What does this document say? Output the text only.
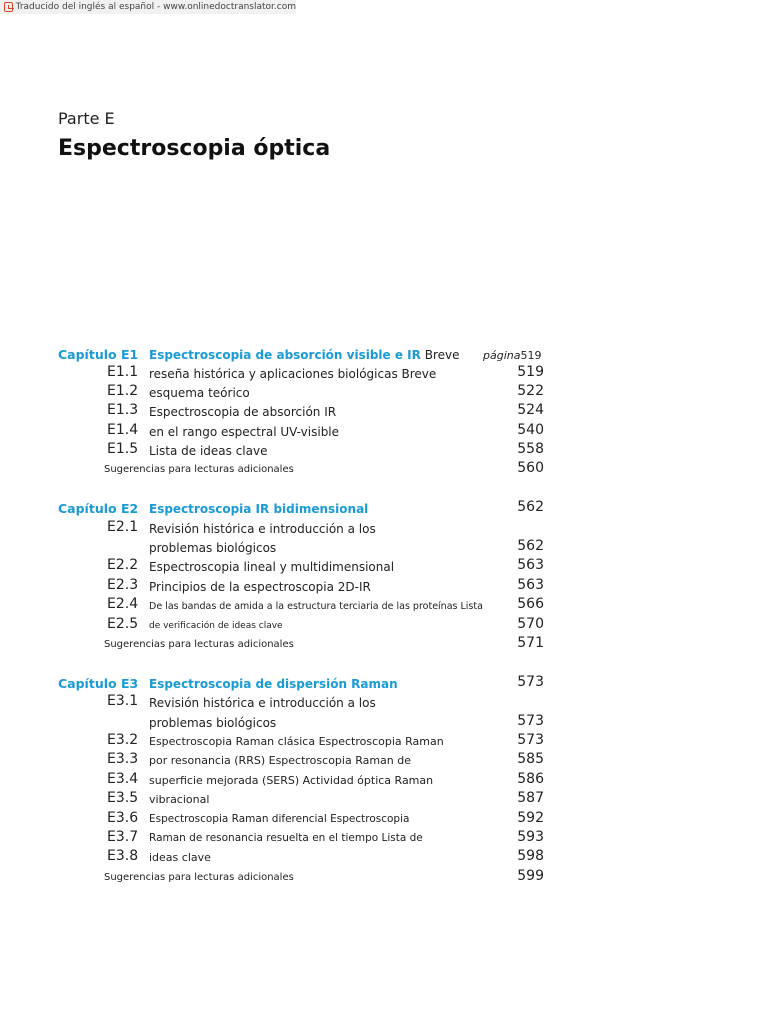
Traducido del inglés al español - www.onlinedoctranslator.com
Parte E
Espectroscopia óptica
Capítulo E1 Espectroscopia de absorción visible e IR Breve página519
E1.1 reseña histórica y aplicaciones biológicas Breve	519
E1.2 esquema teórico	522
E1.3 Espectroscopia de absorción IR	524
E1.4 en el rango espectral UV-visible	540
E1.5 Lista de ideas clave	558
Sugerencias para lecturas adicionales	560
Capítulo E2 Espectroscopia IR bidimensional	562
E2.1 Revisión histórica e introducción a los
problemas biológicos	562
E2.2 Espectroscopia lineal y multidimensional	563
E2.3 Principios de la espectroscopia 2D-IR	563
E2.4 De las bandas de amida a la estructura terciaria de las proteínas Lista 566
E2.5 de verificación de ideas clave	570
Sugerencias para lecturas adicionales	571
Capítulo E3 Espectroscopia de dispersión Raman	573
E3.1 Revisión histórica e introducción a los
problemas biológicos	573
E3.2 Espectroscopia Raman clásica Espectroscopia Raman	573
E3.3 por resonancia (RRS) Espectroscopia Raman de	585
E3.4 superficie mejorada (SERS) Actividad óptica Raman	586
E3.5 vibracional	587
E3.6 Espectroscopia Raman diferencial Espectroscopia	592
E3.7 Raman de resonancia resuelta en el tiempo Lista de	593
E3.8 ideas clave	598
Sugerencias para lecturas adicionales	599
